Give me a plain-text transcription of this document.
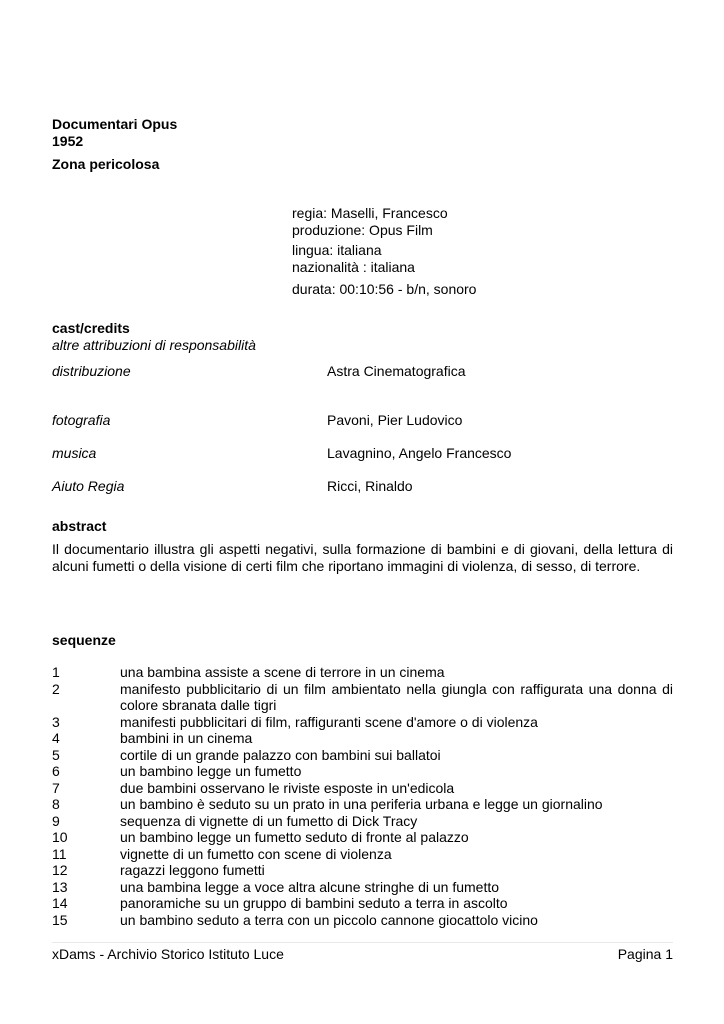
Documentari Opus
1952
Zona pericolosa
regia: Maselli, Francesco
produzione: Opus Film
lingua: italiana
nazionalità : italiana
durata: 00:10:56 - b/n, sonoro
cast/credits
altre attribuzioni di responsabilità
distribuzione	Astra Cinematografica
fotografia	Pavoni, Pier Ludovico
musica	Lavagnino, Angelo Francesco
Aiuto Regia	Ricci, Rinaldo
abstract
Il documentario illustra gli aspetti negativi, sulla formazione di bambini e di giovani, della lettura di alcuni fumetti o della visione di certi film che riportano immagini di violenza, di sesso, di terrore.
sequenze
1	una bambina assiste a scene di terrore in un cinema
2	manifesto pubblicitario di un film ambientato nella giungla con raffigurata una donna di colore sbranata dalle tigri
3	manifesti pubblicitari di film, raffiguranti scene d'amore o di violenza
4	bambini in un cinema
5	cortile di un grande palazzo con bambini sui ballatoi
6	un bambino legge un fumetto
7	due bambini osservano le riviste esposte in un'edicola
8	un bambino è seduto su un prato in una periferia urbana e legge un giornalino
9	sequenza di vignette di un fumetto di Dick Tracy
10	un bambino legge un fumetto seduto di fronte al palazzo
11	vignette di un fumetto con scene di violenza
12	ragazzi leggono fumetti
13	una bambina legge a voce altra alcune stringhe di un fumetto
14	panoramiche su un gruppo di bambini seduto a terra in ascolto
15	un bambino seduto a terra con un piccolo cannone giocattolo vicino
xDams - Archivio Storico Istituto Luce	Pagina 1
